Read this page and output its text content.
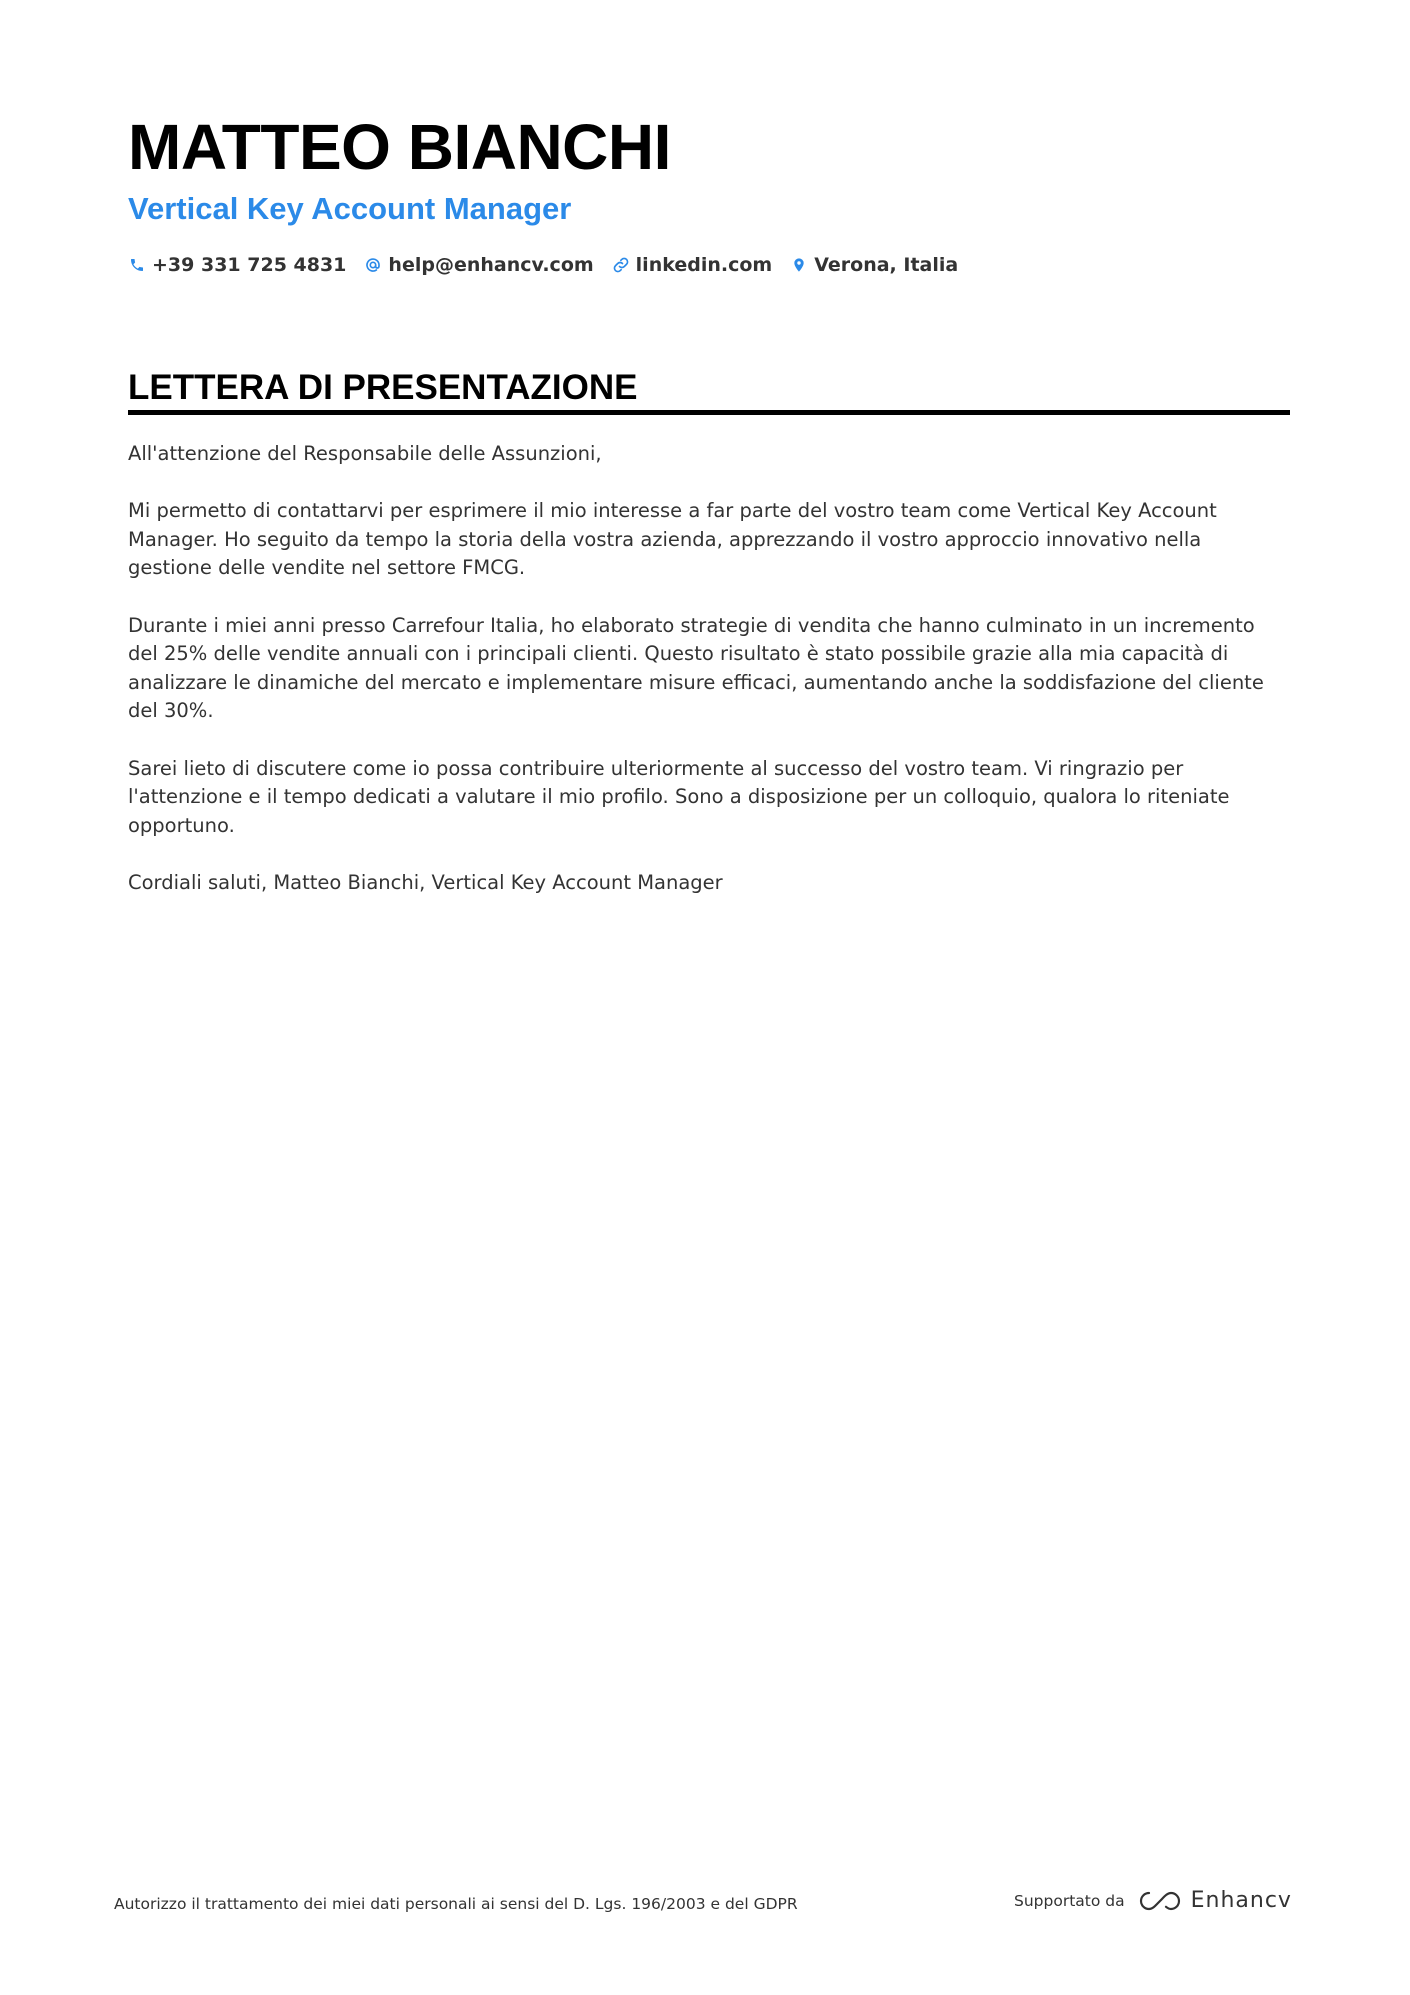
MATTEO BIANCHI
Vertical Key Account Manager
+39 331 725 4831 help@enhancv.com linkedin.com Verona, Italia
LETTERA DI PRESENTAZIONE

All'attenzione del Responsabile delle Assunzioni,

Mi permetto di contattarvi per esprimere il mio interesse a far parte del vostro team come Vertical Key Account Manager. Ho seguito da tempo la storia della vostra azienda, apprezzando il vostro approccio innovativo nella gestione delle vendite nel settore FMCG.

Durante i miei anni presso Carrefour Italia, ho elaborato strategie di vendita che hanno culminato in un incremento del 25% delle vendite annuali con i principali clienti. Questo risultato è stato possibile grazie alla mia capacità di analizzare le dinamiche del mercato e implementare misure efficaci, aumentando anche la soddisfazione del cliente del 30%.

Sarei lieto di discutere come io possa contribuire ulteriormente al successo del vostro team. Vi ringrazio per l'attenzione e il tempo dedicati a valutare il mio profilo. Sono a disposizione per un colloquio, qualora lo riteniate opportuno.

Cordiali saluti, Matteo Bianchi, Vertical Key Account Manager

Autorizzo il trattamento dei miei dati personali ai sensi del D. Lgs. 196/2003 e del GDPR	Supportato da	Enhancv
